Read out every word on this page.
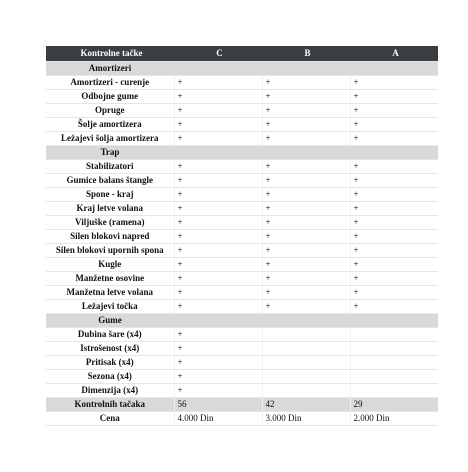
Kontrolne tačke	C	B	A
Amortizeri			
Amortizeri - curenje	+	+	+
Odbojne gume	+	+	+
Opruge	+	+	+
Šolje amortizera	+	+	+
Ležajevi šolja amortizera	+	+	+
Trap			
Stabilizatori	+	+	+
Gumice balans štangle	+	+	+
Spone - kraj	+	+	+
Kraj letve volana	+	+	+
Viljuške (ramena)	+	+	+
Silen blokovi napred	+	+	+
Silen blokovi upornih spona	+	+	+
Kugle	+	+	+
Manžetne osovine	+	+	+
Manžetna letve volana	+	+	+
Ležajevi točka	+	+	+
Gume			
Dubina šare (x4)	+		
Istrošenost (x4)	+		
Pritisak (x4)	+		
Sezona (x4)	+		
Dimenzija (x4)	+		
Kontrolnih tačaka	56	42	29
Cena	4.000 Din	3.000 Din	2.000 Din
